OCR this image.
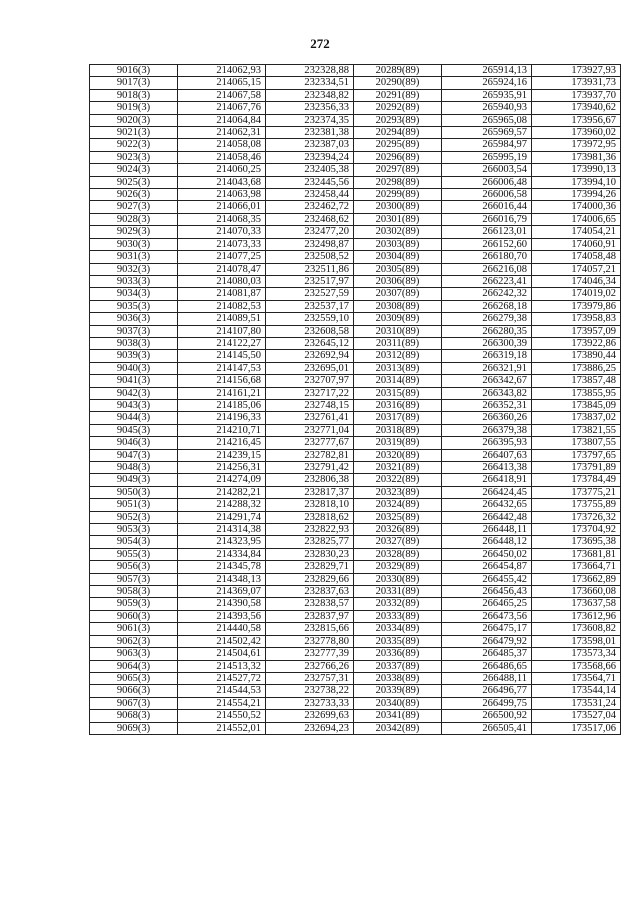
272
9016(3)	214062,93	232328,88	20289(89)	265914,13	173927,93
9017(3)	214065,15	232334,51	20290(89)	265924,16	173931,73
9018(3)	214067,58	232348,82	20291(89)	265935,91	173937,70
9019(3)	214067,76	232356,33	20292(89)	265940,93	173940,62
9020(3)	214064,84	232374,35	20293(89)	265965,08	173956,67
9021(3)	214062,31	232381,38	20294(89)	265969,57	173960,02
9022(3)	214058,08	232387,03	20295(89)	265984,97	173972,95
9023(3)	214058,46	232394,24	20296(89)	265995,19	173981,36
9024(3)	214060,25	232405,38	20297(89)	266003,54	173990,13
9025(3)	214043,68	232445,56	20298(89)	266006,48	173994,10
9026(3)	214063,98	232458,44	20299(89)	266006,58	173994,26
9027(3)	214066,01	232462,72	20300(89)	266016,44	174000,36
9028(3)	214068,35	232468,62	20301(89)	266016,79	174006,65
9029(3)	214070,33	232477,20	20302(89)	266123,01	174054,21
9030(3)	214073,33	232498,87	20303(89)	266152,60	174060,91
9031(3)	214077,25	232508,52	20304(89)	266180,70	174058,48
9032(3)	214078,47	232511,86	20305(89)	266216,08	174057,21
9033(3)	214080,03	232517,97	20306(89)	266223,41	174046,34
9034(3)	214081,87	232527,59	20307(89)	266242,32	174019,02
9035(3)	214082,53	232537,17	20308(89)	266268,18	173979,86
9036(3)	214089,51	232559,10	20309(89)	266279,38	173958,83
9037(3)	214107,80	232608,58	20310(89)	266280,35	173957,09
9038(3)	214122,27	232645,12	20311(89)	266300,39	173922,86
9039(3)	214145,50	232692,94	20312(89)	266319,18	173890,44
9040(3)	214147,53	232695,01	20313(89)	266321,91	173886,25
9041(3)	214156,68	232707,97	20314(89)	266342,67	173857,48
9042(3)	214161,21	232717,22	20315(89)	266343,82	173855,95
9043(3)	214185,06	232748,15	20316(89)	266352,31	173845,09
9044(3)	214196,33	232761,41	20317(89)	266360,26	173837,02
9045(3)	214210,71	232771,04	20318(89)	266379,38	173821,55
9046(3)	214216,45	232777,67	20319(89)	266395,93	173807,55
9047(3)	214239,15	232782,81	20320(89)	266407,63	173797,65
9048(3)	214256,31	232791,42	20321(89)	266413,38	173791,89
9049(3)	214274,09	232806,38	20322(89)	266418,91	173784,49
9050(3)	214282,21	232817,37	20323(89)	266424,45	173775,21
9051(3)	214288,32	232818,10	20324(89)	266432,65	173755,89
9052(3)	214291,74	232818,62	20325(89)	266442,48	173726,32
9053(3)	214314,38	232822,93	20326(89)	266448,11	173704,92
9054(3)	214323,95	232825,77	20327(89)	266448,12	173695,38
9055(3)	214334,84	232830,23	20328(89)	266450,02	173681,81
9056(3)	214345,78	232829,71	20329(89)	266454,87	173664,71
9057(3)	214348,13	232829,66	20330(89)	266455,42	173662,89
9058(3)	214369,07	232837,63	20331(89)	266456,43	173660,08
9059(3)	214390,58	232838,57	20332(89)	266465,25	173637,58
9060(3)	214393,56	232837,97	20333(89)	266473,56	173612,96
9061(3)	214440,58	232815,66	20334(89)	266475,17	173608,82
9062(3)	214502,42	232778,80	20335(89)	266479,92	173598,01
9063(3)	214504,61	232777,39	20336(89)	266485,37	173573,34
9064(3)	214513,32	232766,26	20337(89)	266486,65	173568,66
9065(3)	214527,72	232757,31	20338(89)	266488,11	173564,71
9066(3)	214544,53	232738,22	20339(89)	266496,77	173544,14
9067(3)	214554,21	232733,33	20340(89)	266499,75	173531,24
9068(3)	214550,52	232699,63	20341(89)	266500,92	173527,04
9069(3)	214552,01	232694,23	20342(89)	266505,41	173517,06
